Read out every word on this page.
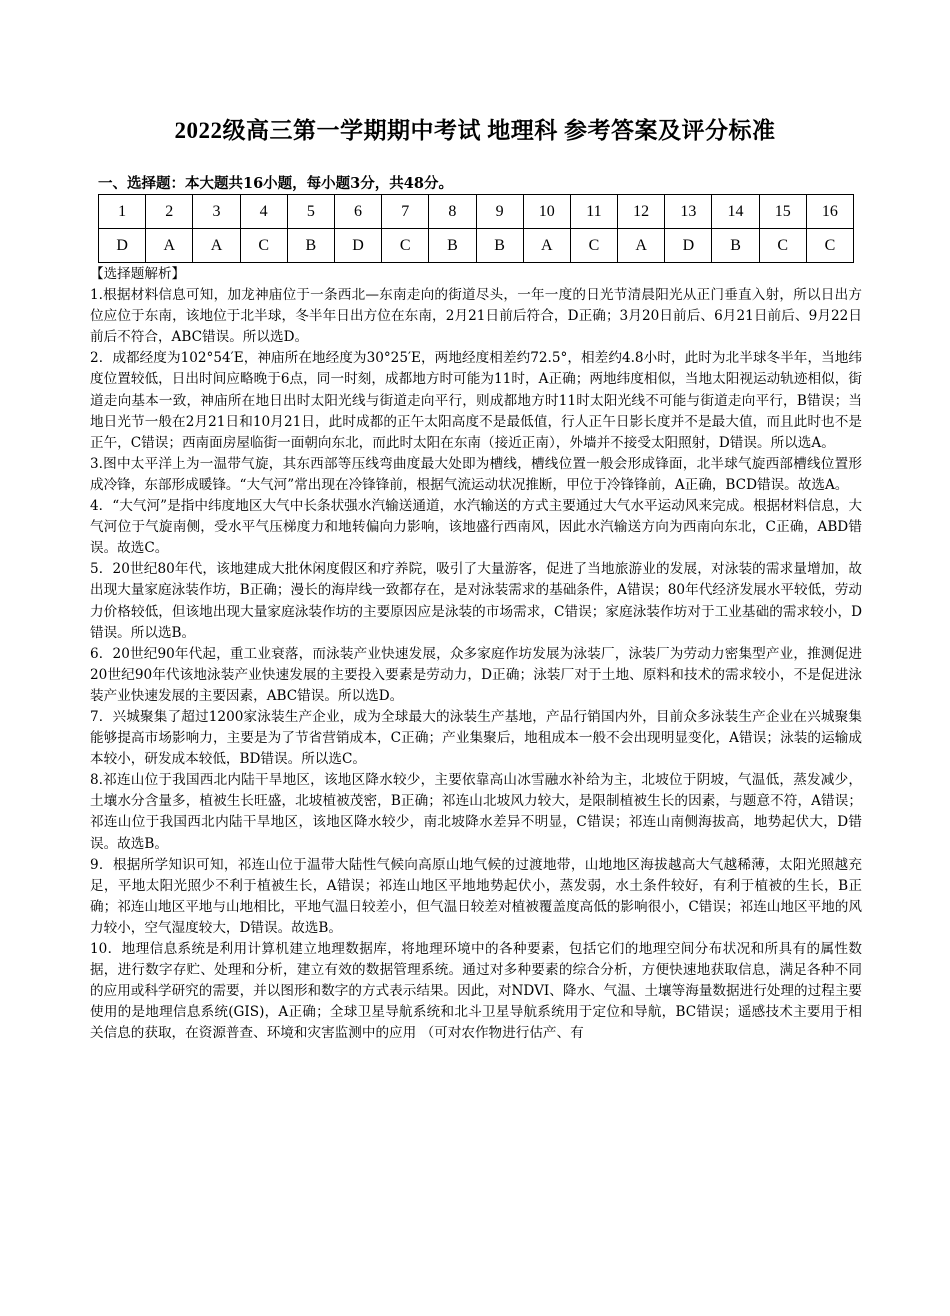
2022级高三第一学期期中考试 地理科 参考答案及评分标准
一、选择题：本大题共16小题，每小题3分，共48分。
1	2	3	4	5	6	7	8	9	10	11	12	13	14	15	16
D	A	A	C	B	D	C	B	B	A	C	A	D	B	C	C

【选择题解析】

1.根据材料信息可知，加龙神庙位于一条西北—东南走向的街道尽头，一年一度的日光节清晨阳光从正门垂直入射，所以日出方位应位于东南，该地位于北半球，冬半年日出方位在东南，2月21日前后符合，D正确；3月20日前后、6月21日前后、9月22日前后不符合，ABC错误。所以选D。

2．成都经度为102°54′E，神庙所在地经度为30°25′E，两地经度相差约72.5°，相差约4.8小时，此时为北半球冬半年，当地纬度位置较低，日出时间应略晚于6点，同一时刻，成都地方时可能为11时，A正确；两地纬度相似，当地太阳视运动轨迹相似，街道走向基本一致，神庙所在地日出时太阳光线与街道走向平行，则成都地方时11时太阳光线不可能与街道走向平行，B错误；当地日光节一般在2月21日和10月21日，此时成都的正午太阳高度不是最低值，行人正午日影长度并不是最大值，而且此时也不是正午，C错误；西南面房屋临街一面朝向东北，而此时太阳在东南（接近正南），外墙并不接受太阳照射，D错误。所以选A。

3.图中太平洋上为一温带气旋，其东西部等压线弯曲度最大处即为槽线，槽线位置一般会形成锋面，北半球气旋西部槽线位置形成冷锋，东部形成暖锋。“大气河”常出现在冷锋锋前，根据气流运动状况推断，甲位于冷锋锋前，A正确，BCD错误。故选A。

4．“大气河”是指中纬度地区大气中长条状强水汽输送通道，水汽输送的方式主要通过大气水平运动风来完成。根据材料信息，大气河位于气旋南侧，受水平气压梯度力和地转偏向力影响，该地盛行西南风，因此水汽输送方向为西南向东北，C正确，ABD错误。故选C。

5．20世纪80年代，该地建成大批休闲度假区和疗养院，吸引了大量游客，促进了当地旅游业的发展，对泳装的需求量增加，故出现大量家庭泳装作坊，B正确；漫长的海岸线一致都存在，是对泳装需求的基础条件，A错误；80年代经济发展水平较低，劳动力价格较低，但该地出现大量家庭泳装作坊的主要原因应是泳装的市场需求，C错误；家庭泳装作坊对于工业基础的需求较小，D错误。所以选B。

6．20世纪90年代起，重工业衰落，而泳装产业快速发展，众多家庭作坊发展为泳装厂，泳装厂为劳动力密集型产业，推测促进20世纪90年代该地泳装产业快速发展的主要投入要素是劳动力，D正确；泳装厂对于土地、原料和技术的需求较小，不是促进泳装产业快速发展的主要因素，ABC错误。所以选D。

7．兴城聚集了超过1200家泳装生产企业，成为全球最大的泳装生产基地，产品行销国内外，目前众多泳装生产企业在兴城聚集能够提高市场影响力，主要是为了节省营销成本，C正确；产业集聚后，地租成本一般不会出现明显变化，A错误；泳装的运输成本较小，研发成本较低，BD错误。所以选C。

8.祁连山位于我国西北内陆干旱地区，该地区降水较少，主要依靠高山冰雪融水补给为主，北坡位于阴坡，气温低，蒸发减少，土壤水分含量多，植被生长旺盛，北坡植被茂密，B正确；祁连山北坡风力较大，是限制植被生长的因素，与题意不符，A错误；祁连山位于我国西北内陆干旱地区，该地区降水较少，南北坡降水差异不明显，C错误；祁连山南侧海拔高，地势起伏大，D错误。故选B。

9．根据所学知识可知，祁连山位于温带大陆性气候向高原山地气候的过渡地带，山地地区海拔越高大气越稀薄，太阳光照越充足，平地太阳光照少不利于植被生长，A错误；祁连山地区平地地势起伏小，蒸发弱，水土条件较好，有利于植被的生长，B正确；祁连山地区平地与山地相比，平地气温日较差小，但气温日较差对植被覆盖度高低的影响很小，C错误；祁连山地区平地的风力较小，空气湿度较大，D错误。故选B。

10．地理信息系统是利用计算机建立地理数据库，将地理环境中的各种要素，包括它们的地理空间分布状况和所具有的属性数据，进行数字存贮、处理和分析，建立有效的数据管理系统。通过对多种要素的综合分析，方便快速地获取信息，满足各种不同的应用或科学研究的需要，并以图形和数字的方式表示结果。因此，对NDVI、降水、气温、土壤等海量数据进行处理的过程主要使用的是地理信息系统(GIS)，A正确；全球卫星导航系统和北斗卫星导航系统用于定位和导航，BC错误；遥感技术主要用于相关信息的获取，在资源普查、环境和灾害监测中的应用 （可对农作物进行估产、有
